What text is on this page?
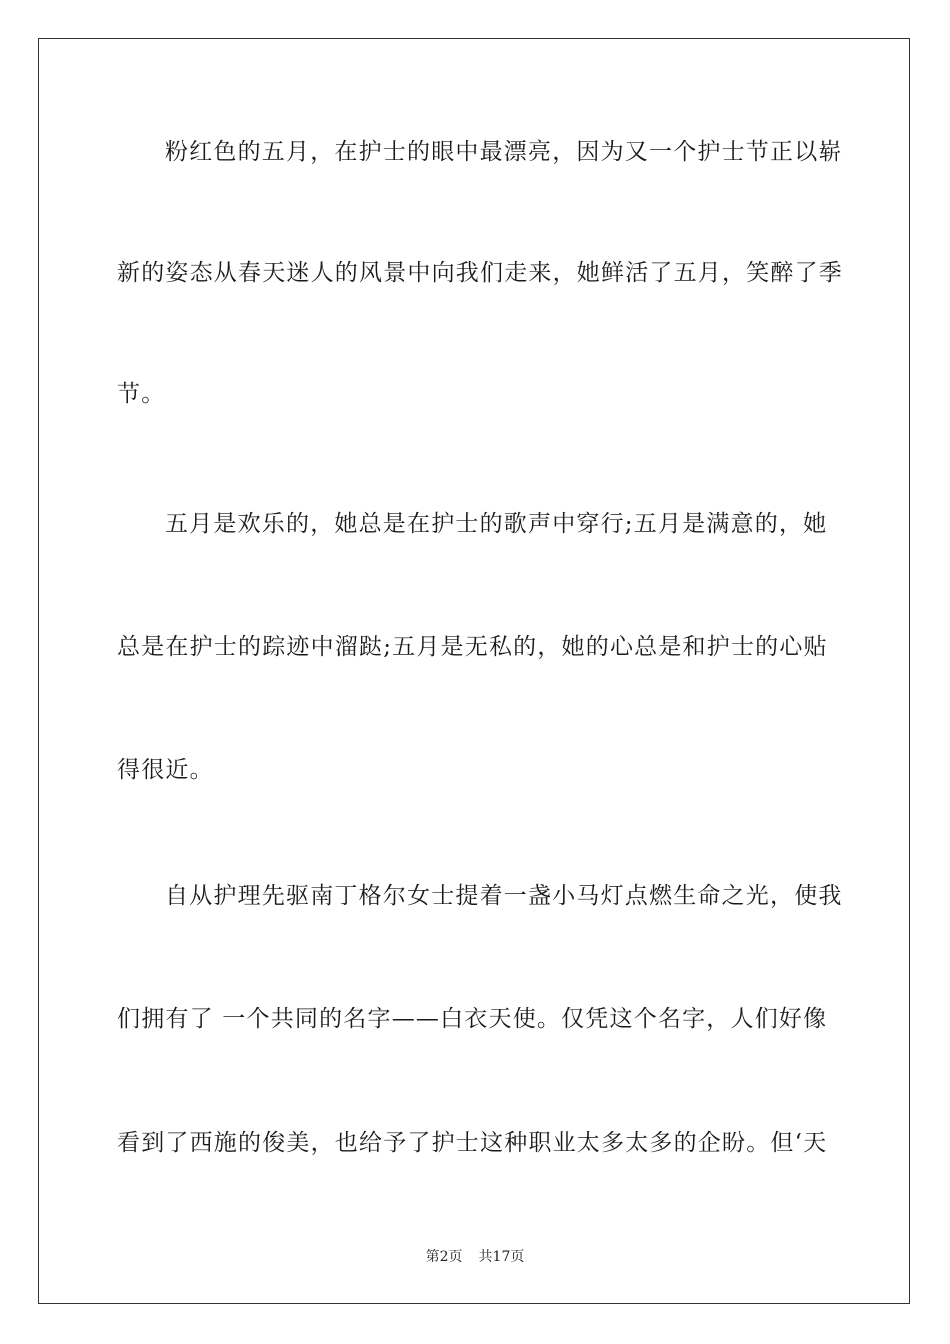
粉红色的五月，在护士的眼中最漂亮，因为又一个护士节正以崭
新的姿态从春天迷人的风景中向我们走来，她鲜活了五月，笑醉了季
节。
五月是欢乐的，她总是在护士的歌声中穿行;五月是满意的，她
总是在护士的踪迹中溜跶;五月是无私的，她的心总是和护士的心贴
得很近。
自从护理先驱南丁格尔女士提着一盏小马灯点燃生命之光，使我
们拥有了 一个共同的名字——白衣天使。仅凭这个名字，人们好像
看到了西施的俊美，也给予了护士这种职业太多太多的企盼。但‘天
第2页 共17页
